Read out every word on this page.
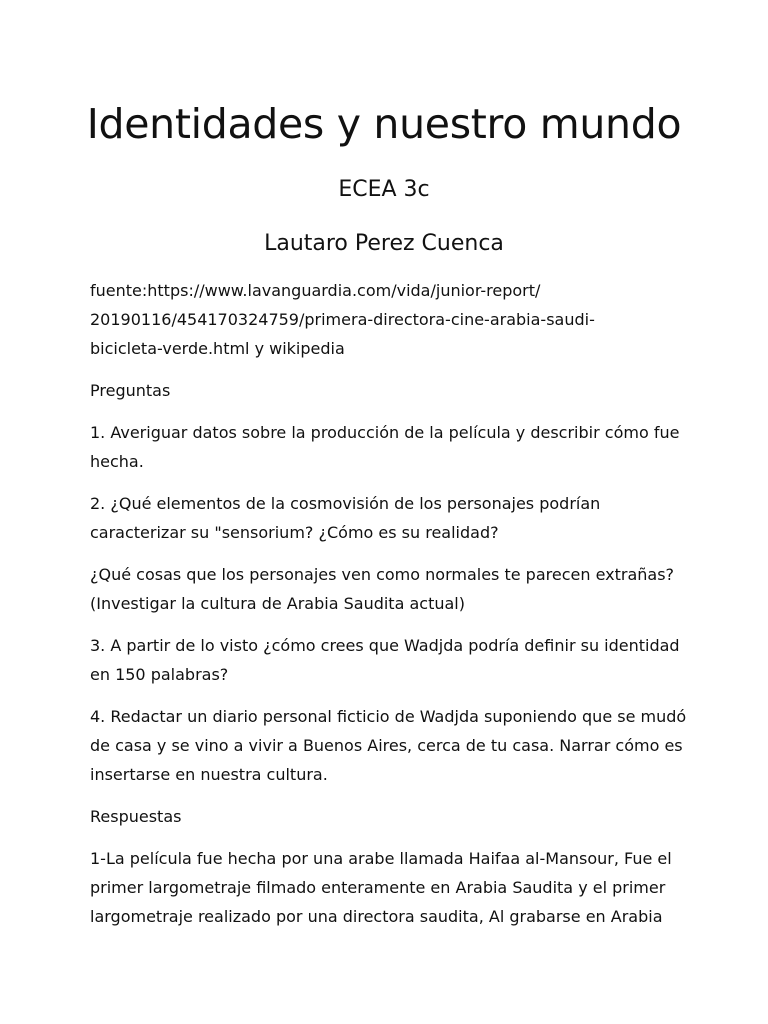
Identidades y nuestro mundo
ECEA 3c
Lautaro Perez Cuenca

fuente:https://www.lavanguardia.com/vida/junior-report/
20190116/454170324759/primera-directora-cine-arabia-saudi-
bicicleta-verde.html y wikipedia

Preguntas

1. Averiguar datos sobre la producción de la película y describir cómo fue hecha.

2. ¿Qué elementos de la cosmovisión de los personajes podrían caracterizar su "sensorium? ¿Cómo es su realidad?

¿Qué cosas que los personajes ven como normales te parecen extrañas? (Investigar la cultura de Arabia Saudita actual)

3. A partir de lo visto ¿cómo crees que Wadjda podría definir su identidad en 150 palabras?

4. Redactar un diario personal ficticio de Wadjda suponiendo que se mudó de casa y se vino a vivir a Buenos Aires, cerca de tu casa. Narrar cómo es insertarse en nuestra cultura.

Respuestas

1-La película fue hecha por una arabe llamada Haifaa al-Mansour, Fue el primer largometraje filmado enteramente en Arabia Saudita y el primer largometraje realizado por una directora saudita, Al grabarse en Arabia
